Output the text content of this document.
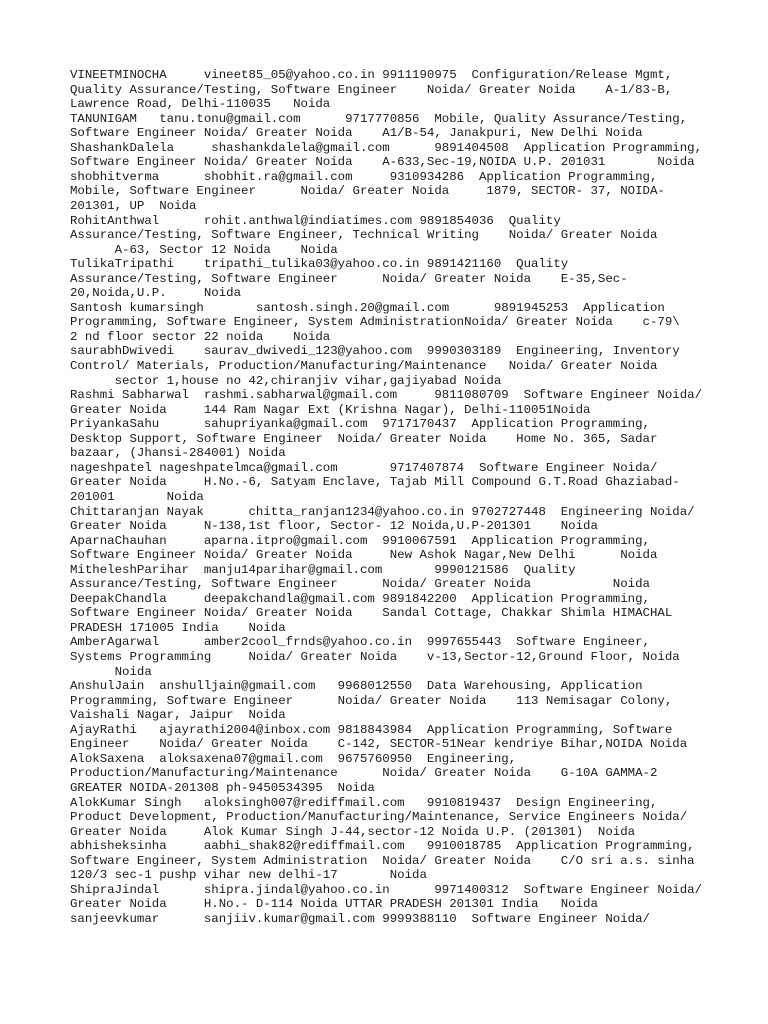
VINEETMINOCHA     vineet85_05@yahoo.co.in 9911190975  Configuration/Release Mgmt,
Quality Assurance/Testing, Software Engineer    Noida/ Greater Noida    A-1/83-B,
Lawrence Road, Delhi-110035   Noida
TANUNIGAM   tanu.tonu@gmail.com      9717770856  Mobile, Quality Assurance/Testing,
Software Engineer Noida/ Greater Noida    A1/B-54, Janakpuri, New Delhi Noida
ShashankDalela     shashankdalela@gmail.com      9891404508  Application Programming,
Software Engineer Noida/ Greater Noida    A-633,Sec-19,NOIDA U.P. 201031       Noida
shobhitverma      shobhit.ra@gmail.com     9310934286  Application Programming,
Mobile, Software Engineer      Noida/ Greater Noida     1879, SECTOR- 37, NOIDA-
201301, UP  Noida
RohitAnthwal      rohit.anthwal@indiatimes.com 9891854036  Quality
Assurance/Testing, Software Engineer, Technical Writing    Noida/ Greater Noida
A-63, Sector 12 Noida    Noida
TulikaTripathi    tripathi_tulika03@yahoo.co.in 9891421160  Quality
Assurance/Testing, Software Engineer      Noida/ Greater Noida    E-35,Sec-
20,Noida,U.P.     Noida
Santosh kumarsingh       santosh.singh.20@gmail.com      9891945253  Application
Programming, Software Engineer, System AdministrationNoida/ Greater Noida    c-79\
2 nd floor sector 22 noida    Noida
saurabhDwivedi    saurav_dwivedi_123@yahoo.com  9990303189  Engineering, Inventory
Control/ Materials, Production/Manufacturing/Maintenance   Noida/ Greater Noida
sector 1,house no 42,chiranjiv vihar,gajiyabad Noida
Rashmi Sabharwal  rashmi.sabharwal@gmail.com     9811080709  Software Engineer Noida/
Greater Noida     144 Ram Nagar Ext (Krishna Nagar), Delhi-110051Noida
PriyankaSahu      sahupriyanka@gmail.com  9717170437  Application Programming,
Desktop Support, Software Engineer  Noida/ Greater Noida    Home No. 365, Sadar
bazaar, (Jhansi-284001) Noida
nageshpatel nageshpatelmca@gmail.com       9717407874  Software Engineer Noida/
Greater Noida     H.No.-6, Satyam Enclave, Tajab Mill Compound G.T.Road Ghaziabad-
201001       Noida
Chittaranjan Nayak      chitta_ranjan1234@yahoo.co.in 9702727448  Engineering Noida/
Greater Noida     N-138,1st floor, Sector- 12 Noida,U.P-201301    Noida
AparnaChauhan     aparna.itpro@gmail.com  9910067591  Application Programming,
Software Engineer Noida/ Greater Noida     New Ashok Nagar,New Delhi      Noida
MitheleshParihar  manju14parihar@gmail.com       9990121586  Quality
Assurance/Testing, Software Engineer      Noida/ Greater Noida           Noida
DeepakChandla     deepakchandla@gmail.com 9891842200  Application Programming,
Software Engineer Noida/ Greater Noida    Sandal Cottage, Chakkar Shimla HIMACHAL
PRADESH 171005 India    Noida
AmberAgarwal      amber2cool_frnds@yahoo.co.in  9997655443  Software Engineer,
Systems Programming     Noida/ Greater Noida    v-13,Sector-12,Ground Floor, Noida
Noida
AnshulJain  anshulljain@gmail.com   9968012550  Data Warehousing, Application
Programming, Software Engineer      Noida/ Greater Noida    113 Nemisagar Colony,
Vaishali Nagar, Jaipur  Noida
AjayRathi   ajayrathi2004@inbox.com 9818843984  Application Programming, Software
Engineer    Noida/ Greater Noida    C-142, SECTOR-51Near kendriye Bihar,NOIDA Noida
AlokSaxena  aloksaxena07@gmail.com  9675760950  Engineering,
Production/Manufacturing/Maintenance      Noida/ Greater Noida    G-10A GAMMA-2
GREATER NOIDA-201308 ph-9450534395  Noida
AlokKumar Singh   aloksingh007@rediffmail.com   9910819437  Design Engineering,
Product Development, Production/Manufacturing/Maintenance, Service Engineers Noida/
Greater Noida     Alok Kumar Singh J-44,sector-12 Noida U.P. (201301)  Noida
abhisheksinha     aabhi_shak82@rediffmail.com   9910018785  Application Programming,
Software Engineer, System Administration  Noida/ Greater Noida    C/O sri a.s. sinha
120/3 sec-1 pushp vihar new delhi-17       Noida
ShipraJindal      shipra.jindal@yahoo.co.in      9971400312  Software Engineer Noida/
Greater Noida     H.No.- D-114 Noida UTTAR PRADESH 201301 India   Noida
sanjeevkumar      sanjiiv.kumar@gmail.com 9999388110  Software Engineer Noida/
